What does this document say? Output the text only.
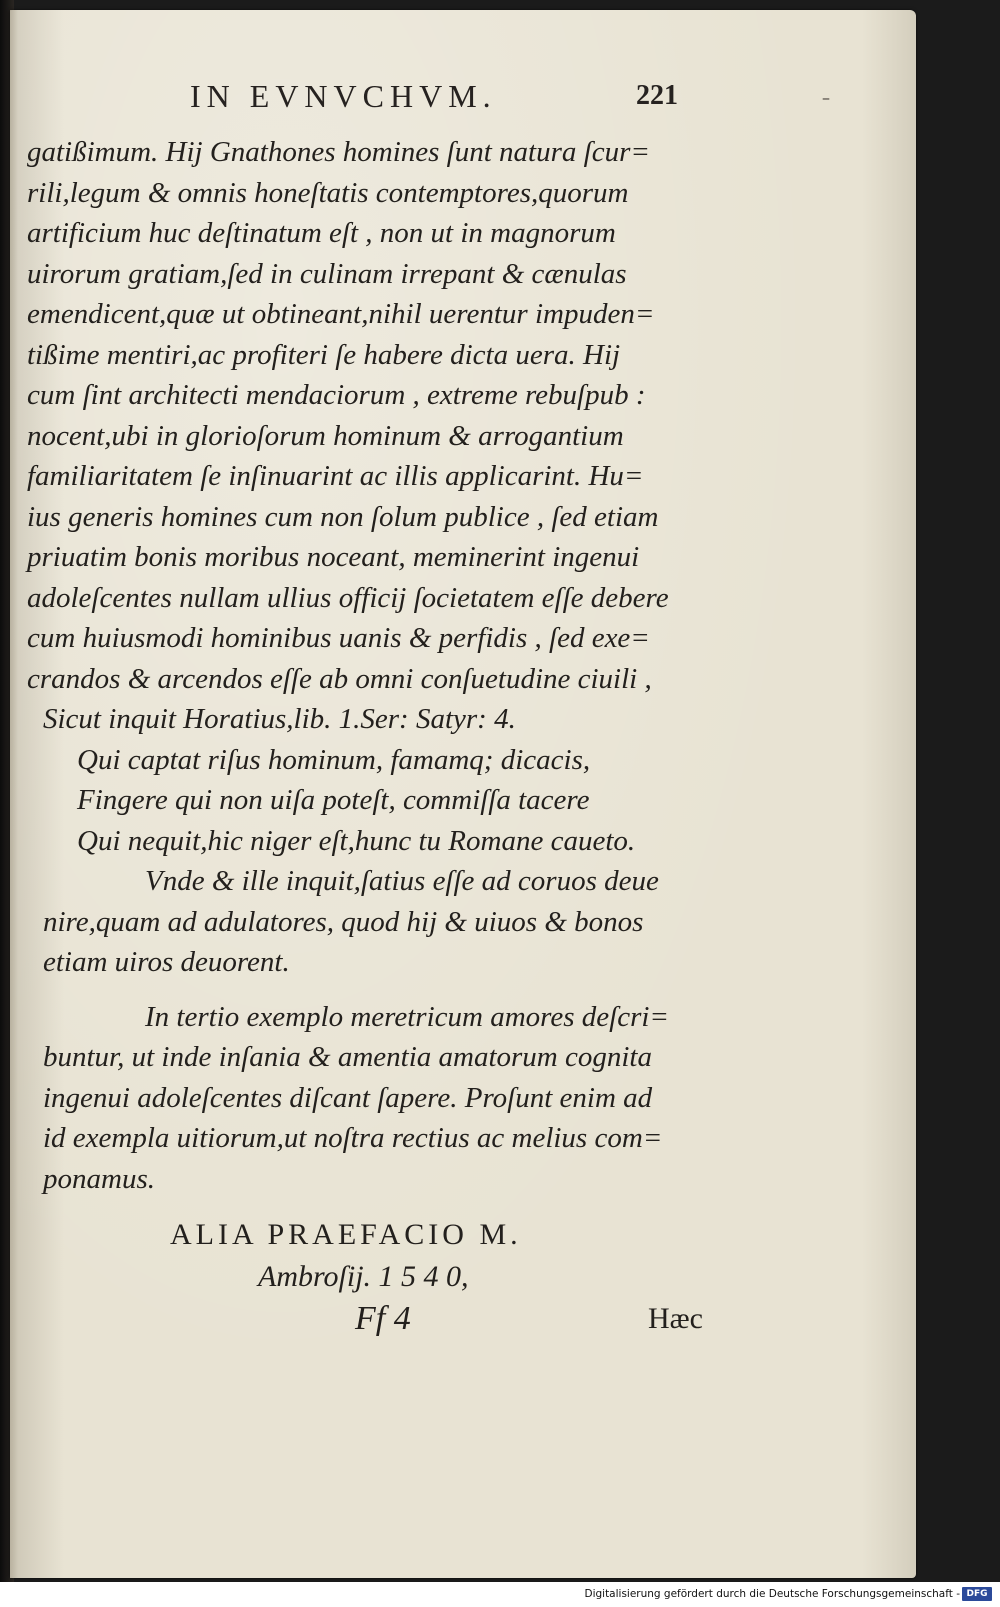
IN EVNVCHVM.	221	–
gatißimum. Hij Gnathones homines ſunt natura ſcur=
rili,legum & omnis honeſtatis contemptores,quorum
artificium huc deſtinatum eſt , non ut in magnorum
uirorum gratiam,ſed in culinam irrepant & cænulas
emendicent,quæ ut obtineant,nihil uerentur impuden=
tißime mentiri,ac profiteri ſe habere dicta uera. Hij
cum ſint architecti mendaciorum , extreme rebuſpub :
nocent,ubi in glorioſorum hominum & arrogantium
familiaritatem ſe inſinuarint ac illis applicarint. Hu=
ius generis homines cum non ſolum publice , ſed etiam
priuatim bonis moribus noceant, meminerint ingenui
adoleſcentes nullam ullius officij ſocietatem eſſe debere
cum huiusmodi hominibus uanis & perfidis , ſed exe=
crandos & arcendos eſſe ab omni conſuetudine ciuili ,
Sicut inquit Horatius,lib. 1.Ser: Satyr: 4.
Qui captat riſus hominum, famamq; dicacis,
Fingere qui non uiſa poteſt, commiſſa tacere
Qui nequit,hic niger eſt,hunc tu Romane caueto.
Vnde & ille inquit,ſatius eſſe ad coruos deue
nire,quam ad adulatores, quod hij & uiuos & bonos
etiam uiros deuorent.
In tertio exemplo meretricum amores deſcri=
buntur, ut inde inſania & amentia amatorum cognita
ingenui adoleſcentes diſcant ſapere. Proſunt enim ad
id exempla uitiorum,ut noſtra rectius ac melius com=
ponamus.
ALIA PRAEFACIO M.
Ambroſij. 1 5 4 0,
Ff 4	Hæc
Digitalisierung gefördert durch die Deutsche Forschungsgemeinschaft - DFG
